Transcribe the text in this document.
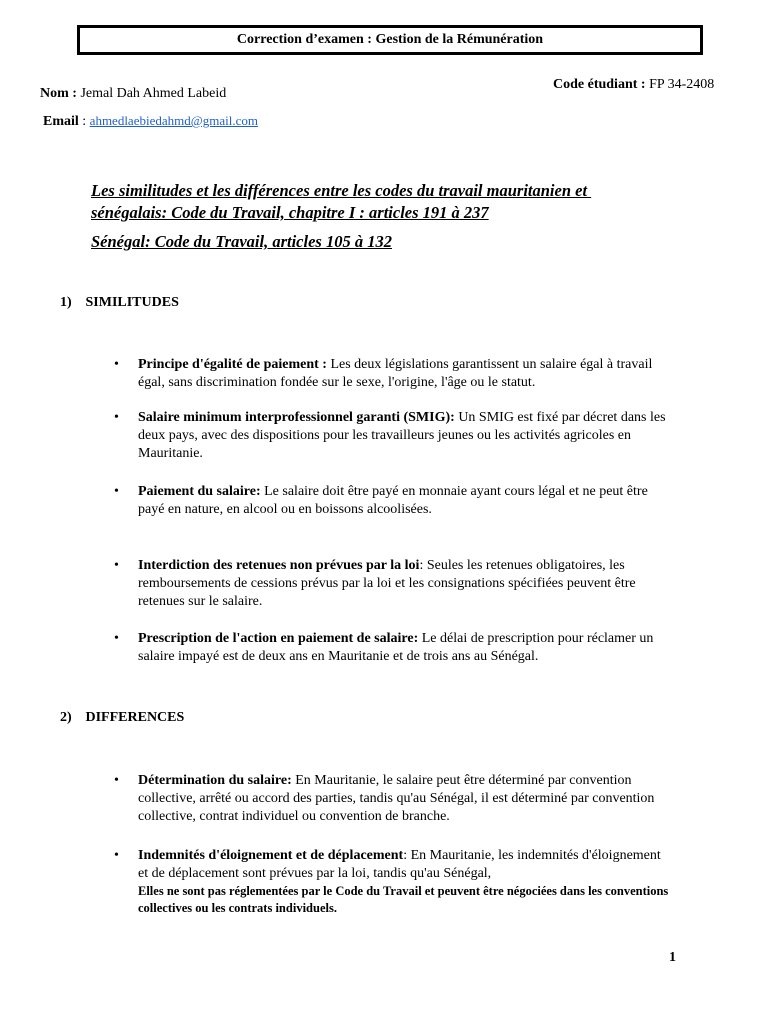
Correction d’examen : Gestion de la Rémunération
Code étudiant : FP 34-2408
Nom : Jemal Dah Ahmed Labeid
Email : ahmedlaebiedahmd@gmail.com
Les similitudes et les différences entre les codes du travail mauritanien et
sénégalais: Code du Travail, chapitre I : articles 191 à 237
Sénégal: Code du Travail, articles 105 à 132
1) SIMILITUDES
• Principe d'égalité de paiement : Les deux législations garantissent un salaire égal à travail égal, sans discrimination fondée sur le sexe, l'origine, l'âge ou le statut.
• Salaire minimum interprofessionnel garanti (SMIG): Un SMIG est fixé par décret dans les deux pays, avec des dispositions pour les travailleurs jeunes ou les activités agricoles en Mauritanie.
• Paiement du salaire: Le salaire doit être payé en monnaie ayant cours légal et ne peut être payé en nature, en alcool ou en boissons alcoolisées.
• Interdiction des retenues non prévues par la loi: Seules les retenues obligatoires, les remboursements de cessions prévus par la loi et les consignations spécifiées peuvent être retenues sur le salaire.
• Prescription de l'action en paiement de salaire: Le délai de prescription pour réclamer un salaire impayé est de deux ans en Mauritanie et de trois ans au Sénégal.
2) DIFFERENCES
• Détermination du salaire: En Mauritanie, le salaire peut être déterminé par convention collective, arrêté ou accord des parties, tandis qu'au Sénégal, il est déterminé par convention collective, contrat individuel ou convention de branche.
• Indemnités d'éloignement et de déplacement: En Mauritanie, les indemnités d'éloignement et de déplacement sont prévues par la loi, tandis qu'au Sénégal,
Elles ne sont pas réglementées par le Code du Travail et peuvent être négociées dans les conventions collectives ou les contrats individuels.
1
